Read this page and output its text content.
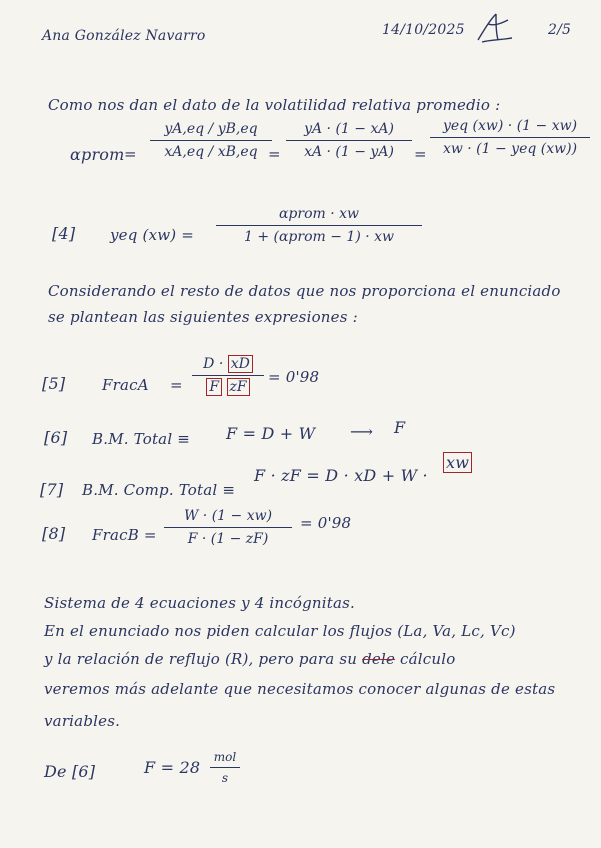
Ana González Navarro	14/10/2025	2/5
Como nos dan el dato de la volatilidad relativa promedio :
αprom =
yA,eq / yB,eq
xA,eq / xB,eq =
yA · (1 − xA)
xA · (1 − yA) =
yeq (xw) · (1 − xw)
xw · (1 − yeq (xw))
[4] yeq (xw) =
αprom · xw
1 + (αprom − 1) · xw
Considerando el resto de datos que nos proporciona el enunciado
se plantean las siguientes expresiones :
[5] FracA =
D · xD
F zF
= 0'98
[6] B.M. Total ≡ F = D + W ⟶ F
[7] B.M. Comp. Total ≡
F · zF = D · xD + W ·
xw
[8] FracB =
W · (1 − xw)
F · (1 − zF)
= 0'98
Sistema de 4 ecuaciones y 4 incógnitas.
En el enunciado nos piden calcular los flujos (La, Va, Lc, Vc)
y la relación de reflujo (R), pero para su dele cálculo
veremos más adelante que necesitamos conocer algunas de estas
variables.
De [6]	F = 28
mol
s
